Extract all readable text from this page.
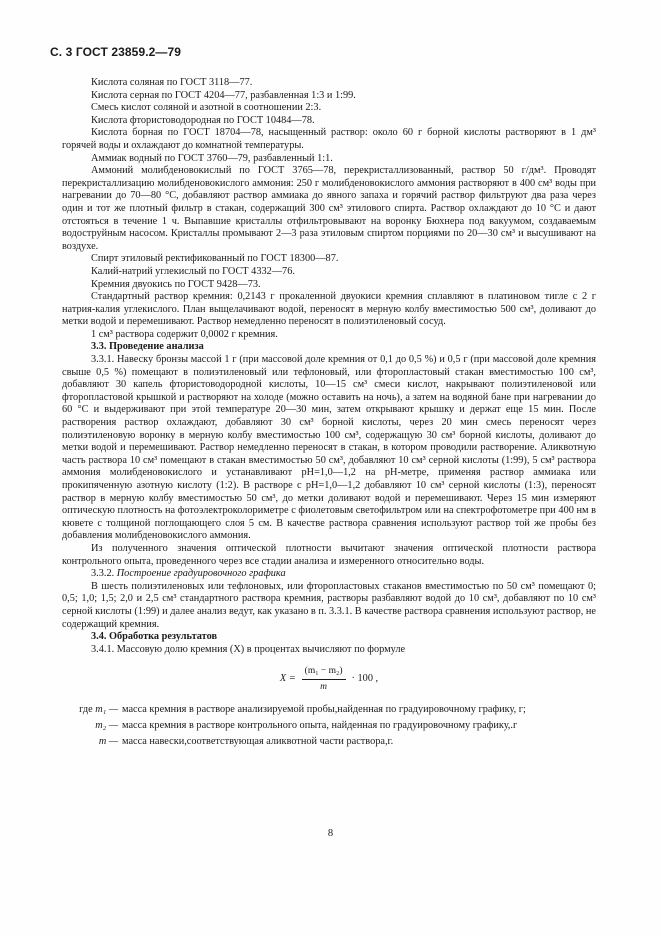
С. 3 ГОСТ 23859.2—79

Кислота соляная по ГОСТ 3118—77.

Кислота серная по ГОСТ 4204—77, разбавленная 1:3 и 1:99.

Смесь кислот соляной и азотной в соотношении 2:3.

Кислота фтористоводородная по ГОСТ 10484—78.

Кислота борная по ГОСТ 18704—78, насыщенный раствор: около 60 г борной кислоты растворяют в 1 дм³ горячей воды и охлаждают до комнатной температуры.

Аммиак водный по ГОСТ 3760—79, разбавленный 1:1.

Аммоний молибденовокислый по ГОСТ 3765—78, перекристаллизованный, раствор 50 г/дм³. Проводят перекристаллизацию молибденовокислого аммония: 250 г молибденовокислого аммония растворяют в 400 см³ воды при нагревании до 70—80 °С, добавляют раствор аммиака до явного запаха и горячий раствор фильтруют два раза через один и тот же плотный фильтр в стакан, содержащий 300 см³ этилового спирта. Раствор охлаждают до 10 °С и дают отстояться в течение 1 ч. Выпавшие кристаллы отфильтровывают на воронку Бюхнера под вакуумом, создаваемым водоструйным насосом. Кристаллы промывают 2—3 раза этиловым спиртом порциями по 20—30 см³ и высушивают на воздухе.

Спирт этиловый ректификованный по ГОСТ 18300—87.

Калий-натрий углекислый по ГОСТ 4332—76.

Кремния двуокись по ГОСТ 9428—73.

Стандартный раствор кремния: 0,2143 г прокаленной двуокиси кремния сплавляют в платиновом тигле с 2 г натрия-калия углекислого. План выщелачивают водой, переносят в мерную колбу вместимостью 500 см³, доливают до метки водой и перемешивают. Раствор немедленно переносят в полиэтиленовый сосуд.

1 см³ раствора содержит 0,0002 г кремния.

3.3. Проведение анализа

3.3.1. Навеску бронзы массой 1 г (при массовой доле кремния от 0,1 до 0,5 %) и 0,5 г (при массовой доле кремния свыше 0,5 %) помещают в полиэтиленовый или тефлоновый, или фторопластовый стакан вместимостью 100 см³, добавляют 30 капель фтористоводородной кислоты, 10—15 см³ смеси кислот, накрывают полиэтиленовой или фторопластовой крышкой и растворяют на холоде (можно оставить на ночь), а затем на водяной бане при нагревании до 60 °С и выдерживают при этой температуре 20—30 мин, затем открывают крышку и держат еще 15 мин. После растворения раствор охлаждают, добавляют 30 см³ борной кислоты, через 20 мин смесь переносят через полиэтиленовую воронку в мерную колбу вместимостью 100 см³, содержащую 30 см³ борной кислоты, доливают до метки водой и перемешивают. Раствор немедленно переносят в стакан, в котором проводили растворение. Аликвотную часть раствора 10 см³ помещают в стакан вместимостью 50 см³, добавляют 10 см³ серной кислоты (1:99), 5 см³ раствора аммония молибденовокислого и устанавливают pH=1,0—1,2 на pH-метре, применяя раствор аммиака или прокипяченную азотную кислоту (1:2). В растворе с pH=1,0—1,2 добавляют 10 см³ серной кислоты (1:3), переносят раствор в мерную колбу вместимостью 50 см³, до метки доливают водой и перемешивают. Через 15 мин измеряют оптическую плотность на фотоэлектроколориметре с фиолетовым светофильтром или на спектрофотометре при 400 нм в кювете с толщиной поглощающего слоя 5 см. В качестве раствора сравнения используют раствор той же пробы без добавления молибденовокислого аммония.

Из полученного значения оптической плотности вычитают значения оптической плотности раствора контрольного опыта, проведенного через все стадии анализа и измеренного относительно воды.

3.3.2. Построение градуировочного графика

В шесть полиэтиленовых или тефлоновых, или фторопластовых стаканов вместимостью по 50 см³ помещают 0; 0,5; 1,0; 1,5; 2,0 и 2,5 см³ стандартного раствора кремния, растворы разбавляют водой до 10 см³, добавляют по 10 см³ серной кислоты (1:99) и далее анализ ведут, как указано в п. 3.3.1. В качестве раствора сравнения используют раствор, не содержащий кремния.

3.4. Обработка результатов

3.4.1. Массовую долю кремния (X) в процентах вычисляют по формуле

$X = \frac{\text{(m₁ − m₂)}}{m} \cdot 100$ ,
где m₁ — масса кремния в растворе анализируемой пробы,найденная по градуировочному графику, г;
m₂ — масса кремния в растворе контрольного опыта, найденная по градуировочному графику,.г
m — масса навески,соответствующая аликвотной части раствора,г.
8
